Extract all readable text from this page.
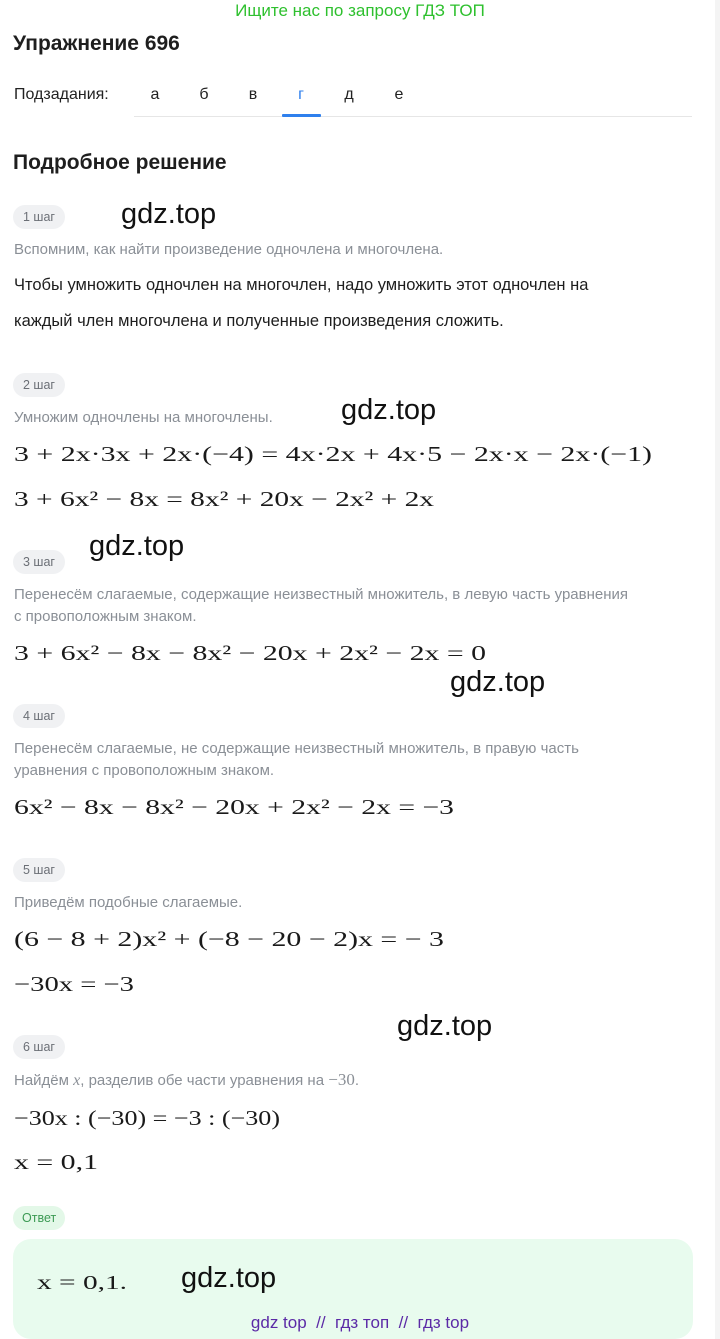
Ищите нас по запросу ГДЗ ТОП
Упражнение 696
Подзадания:	а	б	в	г	д	е
Подробное решение
1 шаг	gdz.top
Вспомним, как найти произведение одночлена и многочлена.
Чтобы умножить одночлен на многочлен, надо умножить этот одночлен на
каждый член многочлена и полученные произведения сложить.
2 шаг
Умножим одночлены на многочлены. gdz.top
3 + 2x·3x + 2x·(−4) = 4x·2x + 4x·5 − 2x·x − 2x·(−1)
3 + 6x² − 8x = 8x² + 20x − 2x² + 2x
3 шаг	gdz.top
Перенесём слагаемые, содержащие неизвестный множитель, в левую часть уравнения
с провоположным знаком.
3 + 6x² − 8x − 8x² − 20x + 2x² − 2x = 0
gdz.top
4 шаг
Перенесём слагаемые, не содержащие неизвестный множитель, в правую часть
уравнения с провоположным знаком.
6x² − 8x − 8x² − 20x + 2x² − 2x = −3
5 шаг
Приведём подобные слагаемые.
(6 − 8 + 2)x² + (−8 − 20 − 2)x = − 3
−30x = −3
gdz.top
6 шаг
Найдём x, разделив обе части уравнения на −30.
−30x : (−30) = −3 : (−30)
x = 0,1
Ответ
x = 0,1. gdz.top
gdz top // гдз топ // гдз top
